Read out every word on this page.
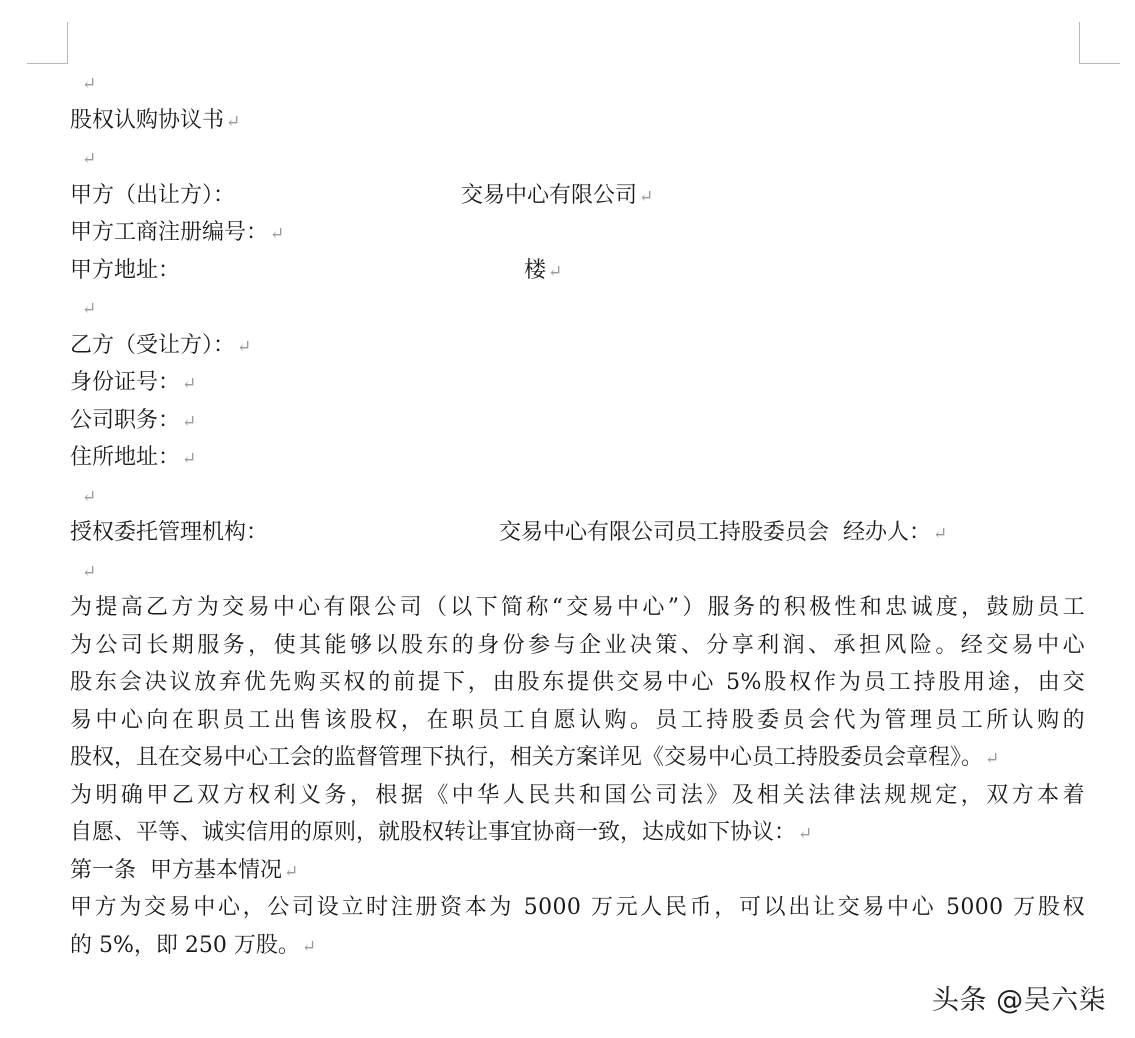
↵
股权认购协议书 ↵
↵
甲方（出让方）：	交易中心有限公司 ↵
甲方工商注册编号： ↵
甲方地址：	楼 ↵
↵
乙方（受让方）： ↵
身份证号： ↵
公司职务： ↵
住所地址： ↵
↵
授权委托管理机构：	交易中心有限公司员工持股委员会  经办人： ↵
↵
为提高乙方为交易中心有限公司（以下简称“交易中心”）服务的积极性和忠诚度，鼓励员工
为公司长期服务，使其能够以股东的身份参与企业决策、分享利润、承担风险。经交易中心
股东会决议放弃优先购买权的前提下，由股东提供交易中心 5%股权作为员工持股用途，由交
易中心向在职员工出售该股权，在职员工自愿认购。员工持股委员会代为管理员工所认购的
股权，且在交易中心工会的监督管理下执行，相关方案详见《交易中心员工持股委员会章程》。 ↵
为明确甲乙双方权利义务，根据《中华人民共和国公司法》及相关法律法规规定，双方本着
自愿、平等、诚实信用的原则，就股权转让事宜协商一致，达成如下协议： ↵
第一条  甲方基本情况 ↵
甲方为交易中心，公司设立时注册资本为 5000 万元人民币，可以出让交易中心 5000 万股权
的 5%，即 250 万股。 ↵
头条 @吴六柒
